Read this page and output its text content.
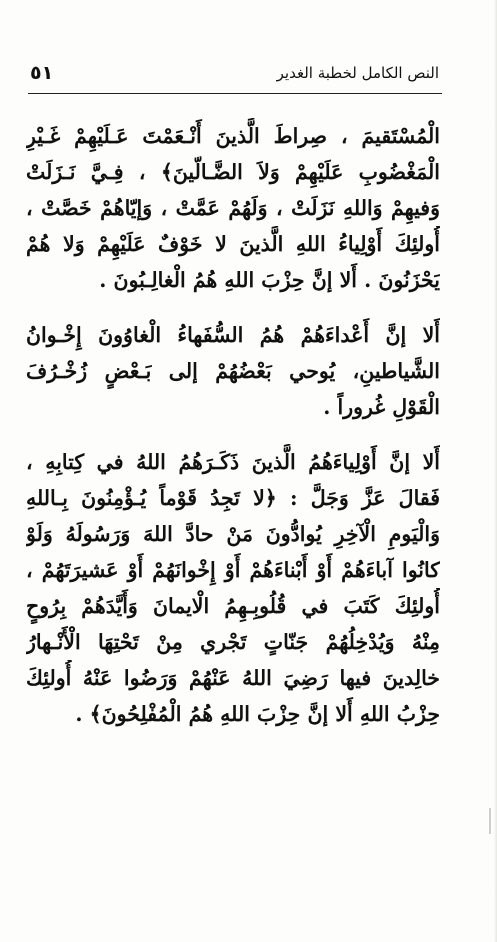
٥١	النص الكامل لخطبة الغدير
الْمُسْتَقيمَ ، صِراطَ الَّذينَ أَنْـعَمْتَ عَـلَيْهِمْ غَـيْرِ
الْمَغْضُوبِ عَلَيْهِمْ وَلاَ الضَّـالّينَ﴾ ، فِـيَّ نَـزَلَتْ
وَفيهِمْ وَاللهِ نَزَلَتْ ، وَلَهُمْ عَمَّتْ ، وَإيّاهُمْ خَصَّتْ ،
أُولئِكَ أَوْلِياءُ اللهِ الَّذينَ لا خَوْفٌ عَلَيْهِمْ وَلا هُمْ
يَحْزَنُونَ . أَلا إنَّ حِزْبَ اللهِ هُمُ الْغالِـبُونَ .
أَلا إنَّ أَعْداءَهُمْ هُمُ السُّفَهاءُ الْغاوُونَ إِخْـوانُ
الشَّياطينِ، يُوحي بَعْضُهُمْ إلى بَـعْضٍ زُخْـرُفَ
الْقَوْلِ غُروراً .
أَلا إنَّ أَوْلِياءَهُمُ الَّذينَ ذَكَـرَهُمُ اللهُ في كِتابِهِ ،
فَقالَ عَزَّ وَجَلَّ : ﴿لا تَجِدُ قَوْماً يُـؤْمِنُونَ بِـاللهِ
وَالْيَومِ الْآخِرِ يُوادُّونَ مَنْ حادَّ اللهَ وَرَسُولَهُ وَلَوْ
كانُوا آباءَهُمْ أَوْ أَبْناءَهُمْ أَوْ إِخْوانَهُمْ أَوْ عَشيرَتَهُمْ ،
أُولئِكَ كَتَبَ في قُلُوبِـهِمُ الْايمانَ وَأَيَّدَهُمْ بِرُوحٍ
مِنْهُ وَيُدْخِلُهُمْ جَنّاتٍ تَجْري مِنْ تَحْتِهَا الْأَنْـهارُ
خالِدينَ فيها رَضِيَ اللهُ عَنْهُمْ وَرَضُوا عَنْهُ أُولئِكَ
حِزْبُ اللهِ أَلا إنَّ حِزْبَ اللهِ هُمُ الْمُفْلِحُونَ﴾ .
